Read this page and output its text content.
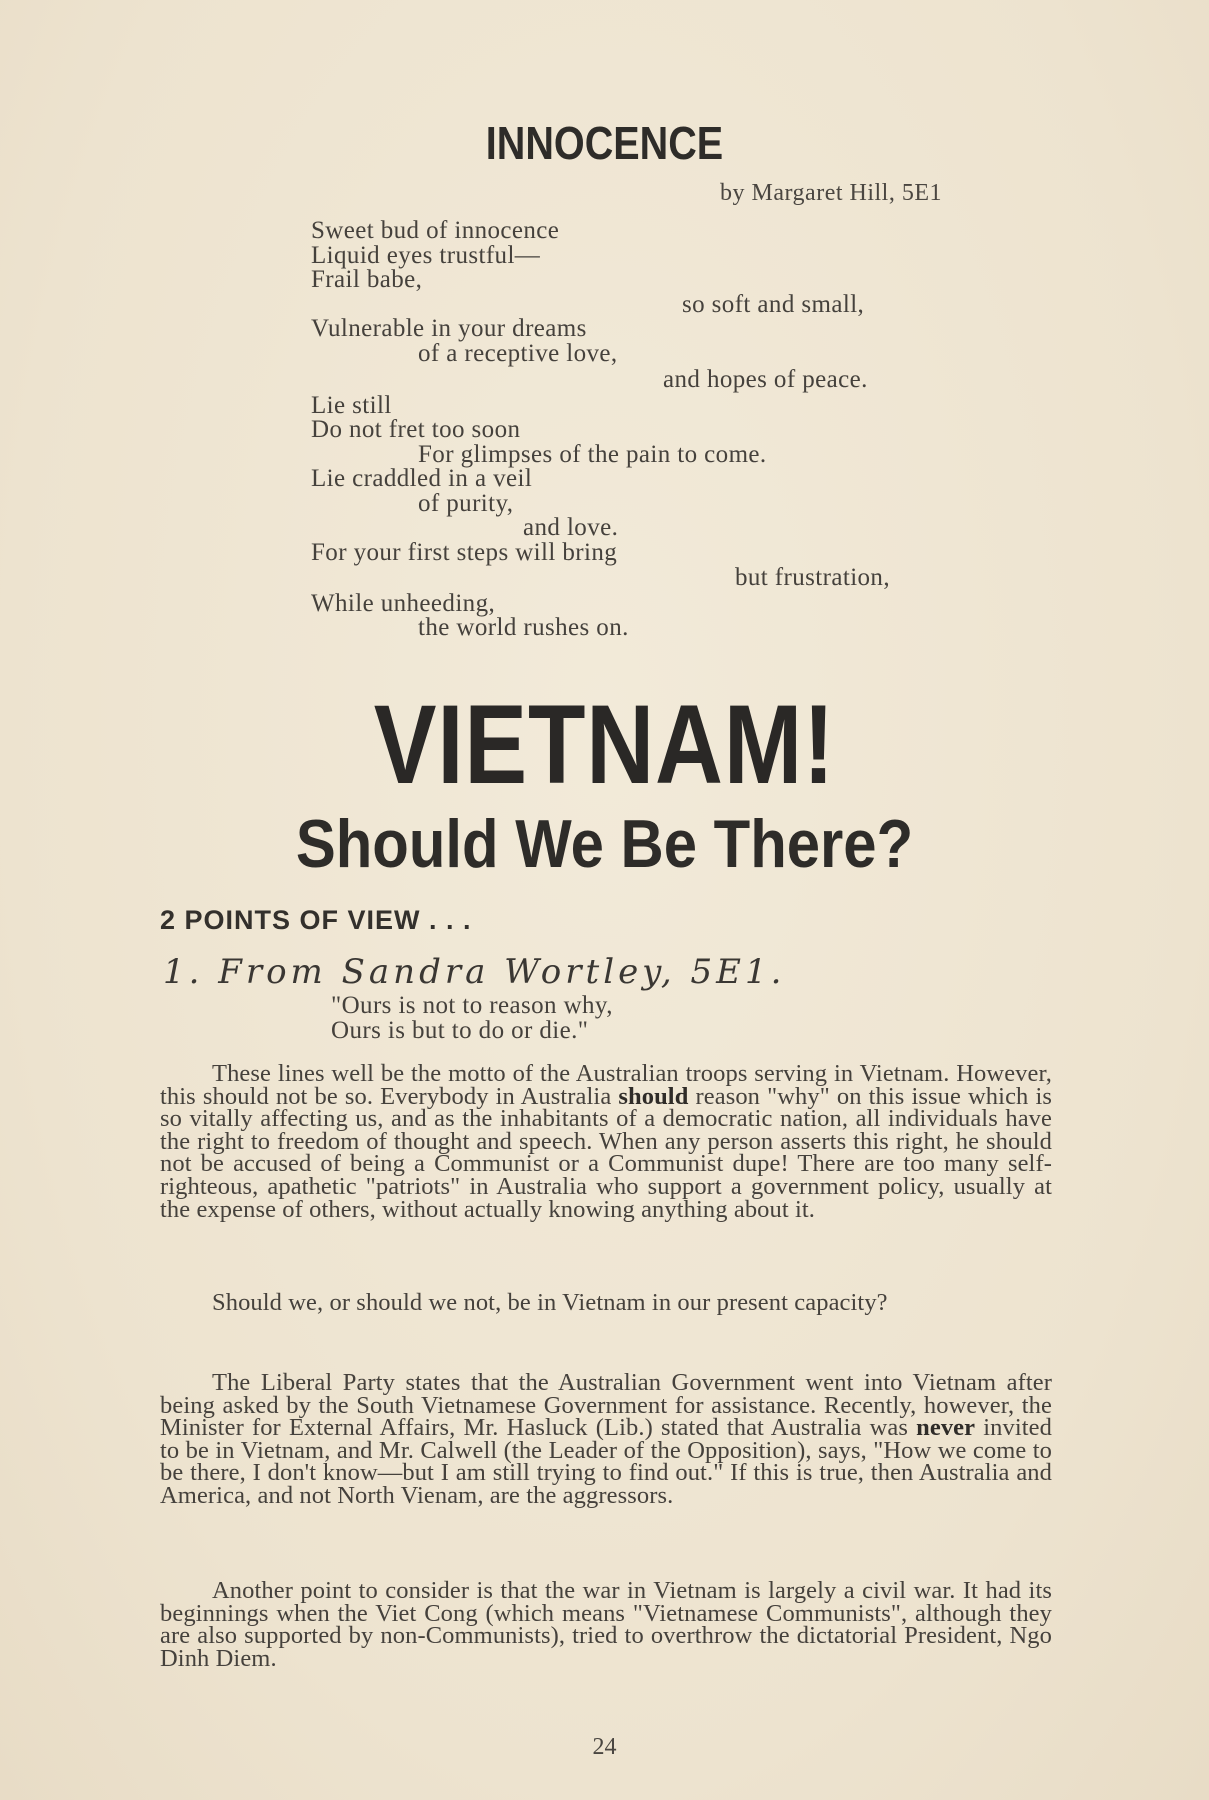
INNOCENCE
by Margaret Hill, 5E1
Sweet bud of innocence
Liquid eyes trustful—
Frail babe,
so soft and small,
Vulnerable in your dreams
of a receptive love,
and hopes of peace.
Lie still
Do not fret too soon
For glimpses of the pain to come.
Lie craddled in a veil
of purity,
and love.
For your first steps will bring
but frustration,
While unheeding,
the world rushes on.
VIETNAM!
Should We Be There?
2 POINTS OF VIEW . . .
1. From Sandra Wortley, 5E1.
"Ours is not to reason why,
Ours is but to do or die."

These lines well be the motto of the Australian troops serving in Vietnam. However, this should not be so. Everybody in Australia should reason "why" on this issue which is so vitally affecting us, and as the inhabitants of a democratic nation, all individuals have the right to freedom of thought and speech. When any person asserts this right, he should not be accused of being a Communist or a Communist dupe! There are too many self-righteous, apathetic "patriots" in Australia who support a government policy, usually at the expense of others, without actually knowing anything about it.

Should we, or should we not, be in Vietnam in our present capacity?

The Liberal Party states that the Australian Government went into Vietnam after being asked by the South Vietnamese Government for assistance. Recently, however, the Minister for External Affairs, Mr. Hasluck (Lib.) stated that Australia was never invited to be in Vietnam, and Mr. Calwell (the Leader of the Opposition), says, "How we come to be there, I don't know—but I am still trying to find out." If this is true, then Australia and America, and not North Vienam, are the aggressors.

Another point to consider is that the war in Vietnam is largely a civil war. It had its beginnings when the Viet Cong (which means "Vietnamese Communists", although they are also supported by non-Communists), tried to overthrow the dictatorial President, Ngo Dinh Diem.

24
